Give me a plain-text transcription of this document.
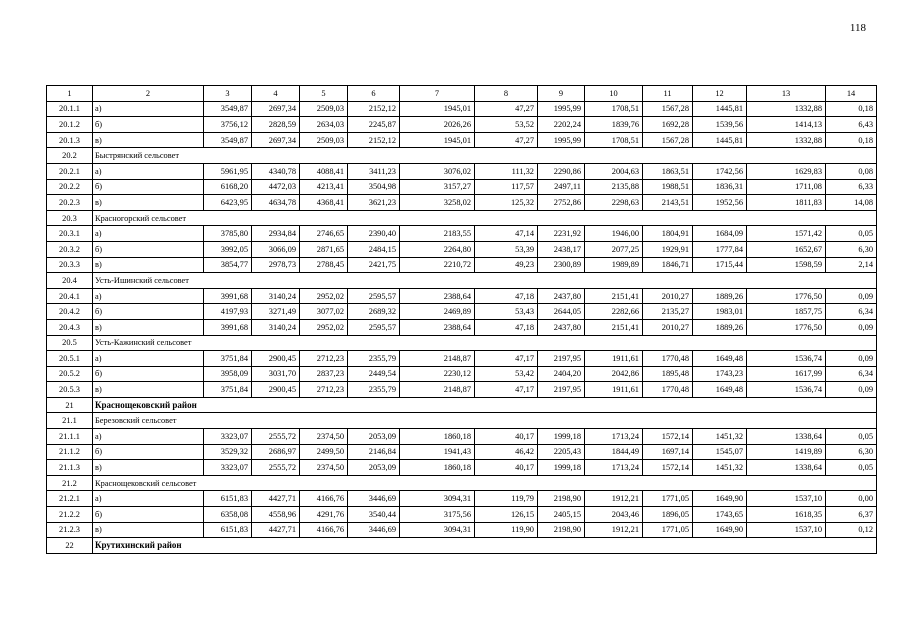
118
1	2	3	4	5	6	7	8	9	10	11	12	13	14
20.1.1	а)	3549,87	2697,34	2509,03	2152,12	1945,01	47,27	1995,99	1708,51	1567,28	1445,81	1332,88	0,18
20.1.2	б)	3756,12	2828,59	2634,03	2245,87	2026,26	53,52	2202,24	1839,76	1692,28	1539,56	1414,13	6,43
20.1.3	в)	3549,87	2697,34	2509,03	2152,12	1945,01	47,27	1995,99	1708,51	1567,28	1445,81	1332,88	0,18
20.2	Быстрянский сельсовет												
20.2.1	а)	5961,95	4340,78	4088,41	3411,23	3076,02	111,32	2290,86	2004,63	1863,51	1742,56	1629,83	0,08
20.2.2	б)	6168,20	4472,03	4213,41	3504,98	3157,27	117,57	2497,11	2135,88	1988,51	1836,31	1711,08	6,33
20.2.3	в)	6423,95	4634,78	4368,41	3621,23	3258,02	125,32	2752,86	2298,63	2143,51	1952,56	1811,83	14,08
20.3	Красногорский сельсовет												
20.3.1	а)	3785,80	2934,84	2746,65	2390,40	2183,55	47,14	2231,92	1946,00	1804,91	1684,09	1571,42	0,05
20.3.2	б)	3992,05	3066,09	2871,65	2484,15	2264,80	53,39	2438,17	2077,25	1929,91	1777,84	1652,67	6,30
20.3.3	в)	3854,77	2978,73	2788,45	2421,75	2210,72	49,23	2300,89	1989,89	1846,71	1715,44	1598,59	2,14
20.4	Усть-Ишинский сельсовет												
20.4.1	а)	3991,68	3140,24	2952,02	2595,57	2388,64	47,18	2437,80	2151,41	2010,27	1889,26	1776,50	0,09
20.4.2	б)	4197,93	3271,49	3077,02	2689,32	2469,89	53,43	2644,05	2282,66	2135,27	1983,01	1857,75	6,34
20.4.3	в)	3991,68	3140,24	2952,02	2595,57	2388,64	47,18	2437,80	2151,41	2010,27	1889,26	1776,50	0,09
20.5	Усть-Кажинский сельсовет												
20.5.1	а)	3751,84	2900,45	2712,23	2355,79	2148,87	47,17	2197,95	1911,61	1770,48	1649,48	1536,74	0,09
20.5.2	б)	3958,09	3031,70	2837,23	2449,54	2230,12	53,42	2404,20	2042,86	1895,48	1743,23	1617,99	6,34
20.5.3	в)	3751,84	2900,45	2712,23	2355,79	2148,87	47,17	2197,95	1911,61	1770,48	1649,48	1536,74	0,09
21	Краснощековский район												
21.1	Березовский сельсовет												
21.1.1	а)	3323,07	2555,72	2374,50	2053,09	1860,18	40,17	1999,18	1713,24	1572,14	1451,32	1338,64	0,05
21.1.2	б)	3529,32	2686,97	2499,50	2146,84	1941,43	46,42	2205,43	1844,49	1697,14	1545,07	1419,89	6,30
21.1.3	в)	3323,07	2555,72	2374,50	2053,09	1860,18	40,17	1999,18	1713,24	1572,14	1451,32	1338,64	0,05
21.2	Краснощековский сельсовет												
21.2.1	а)	6151,83	4427,71	4166,76	3446,69	3094,31	119,79	2198,90	1912,21	1771,05	1649,90	1537,10	0,00
21.2.2	б)	6358,08	4558,96	4291,76	3540,44	3175,56	126,15	2405,15	2043,46	1896,05	1743,65	1618,35	6,37
21.2.3	в)	6151,83	4427,71	4166,76	3446,69	3094,31	119,90	2198,90	1912,21	1771,05	1649,90	1537,10	0,12
22	Крутихинский район												
